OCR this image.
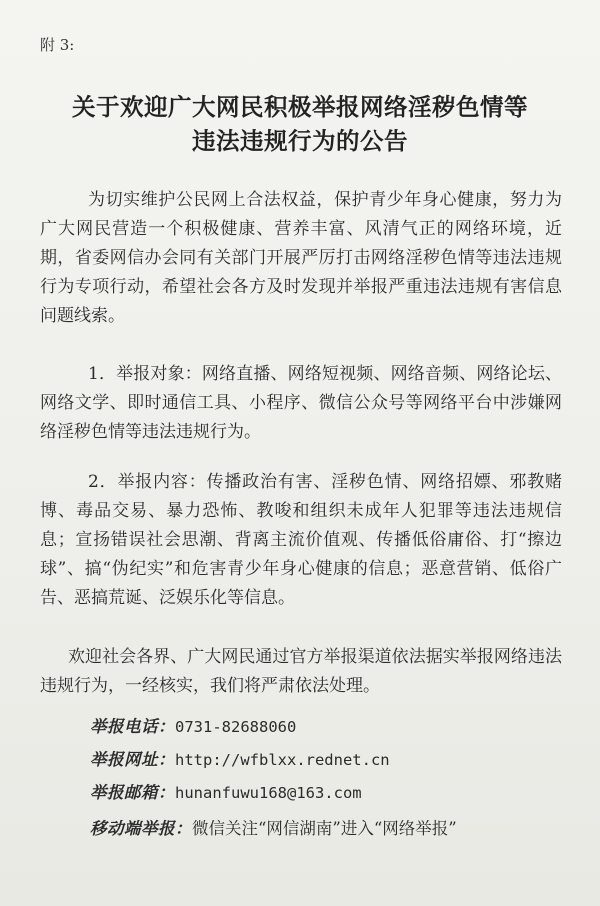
附 3:
关于欢迎广大网民积极举报网络淫秽色情等
违法违规行为的公告
为切实维护公民网上合法权益，保护青少年身心健康，努力为广大网民营造一个积极健康、营养丰富、风清气正的网络环境，近期，省委网信办会同有关部门开展严厉打击网络淫秽色情等违法违规行为专项行动，希望社会各方及时发现并举报严重违法违规有害信息问题线索。
1．举报对象：网络直播、网络短视频、网络音频、网络论坛、网络文学、即时通信工具、小程序、微信公众号等网络平台中涉嫌网络淫秽色情等违法违规行为。
2．举报内容：传播政治有害、淫秽色情、网络招嫖、邪教赌博、毒品交易、暴力恐怖、教唆和组织未成年人犯罪等违法违规信息；宣扬错误社会思潮、背离主流价值观、传播低俗庸俗、打“擦边球”、搞“伪纪实”和危害青少年身心健康的信息；恶意营销、低俗广告、恶搞荒诞、泛娱乐化等信息。
欢迎社会各界、广大网民通过官方举报渠道依法据实举报网络违法违规行为，一经核实，我们将严肃依法处理。
举报电话：0731-82688060
举报网址：http://wfblxx.rednet.cn
举报邮箱：hunanfuwu168@163.com
移动端举报：微信关注“网信湖南”进入“网络举报”
